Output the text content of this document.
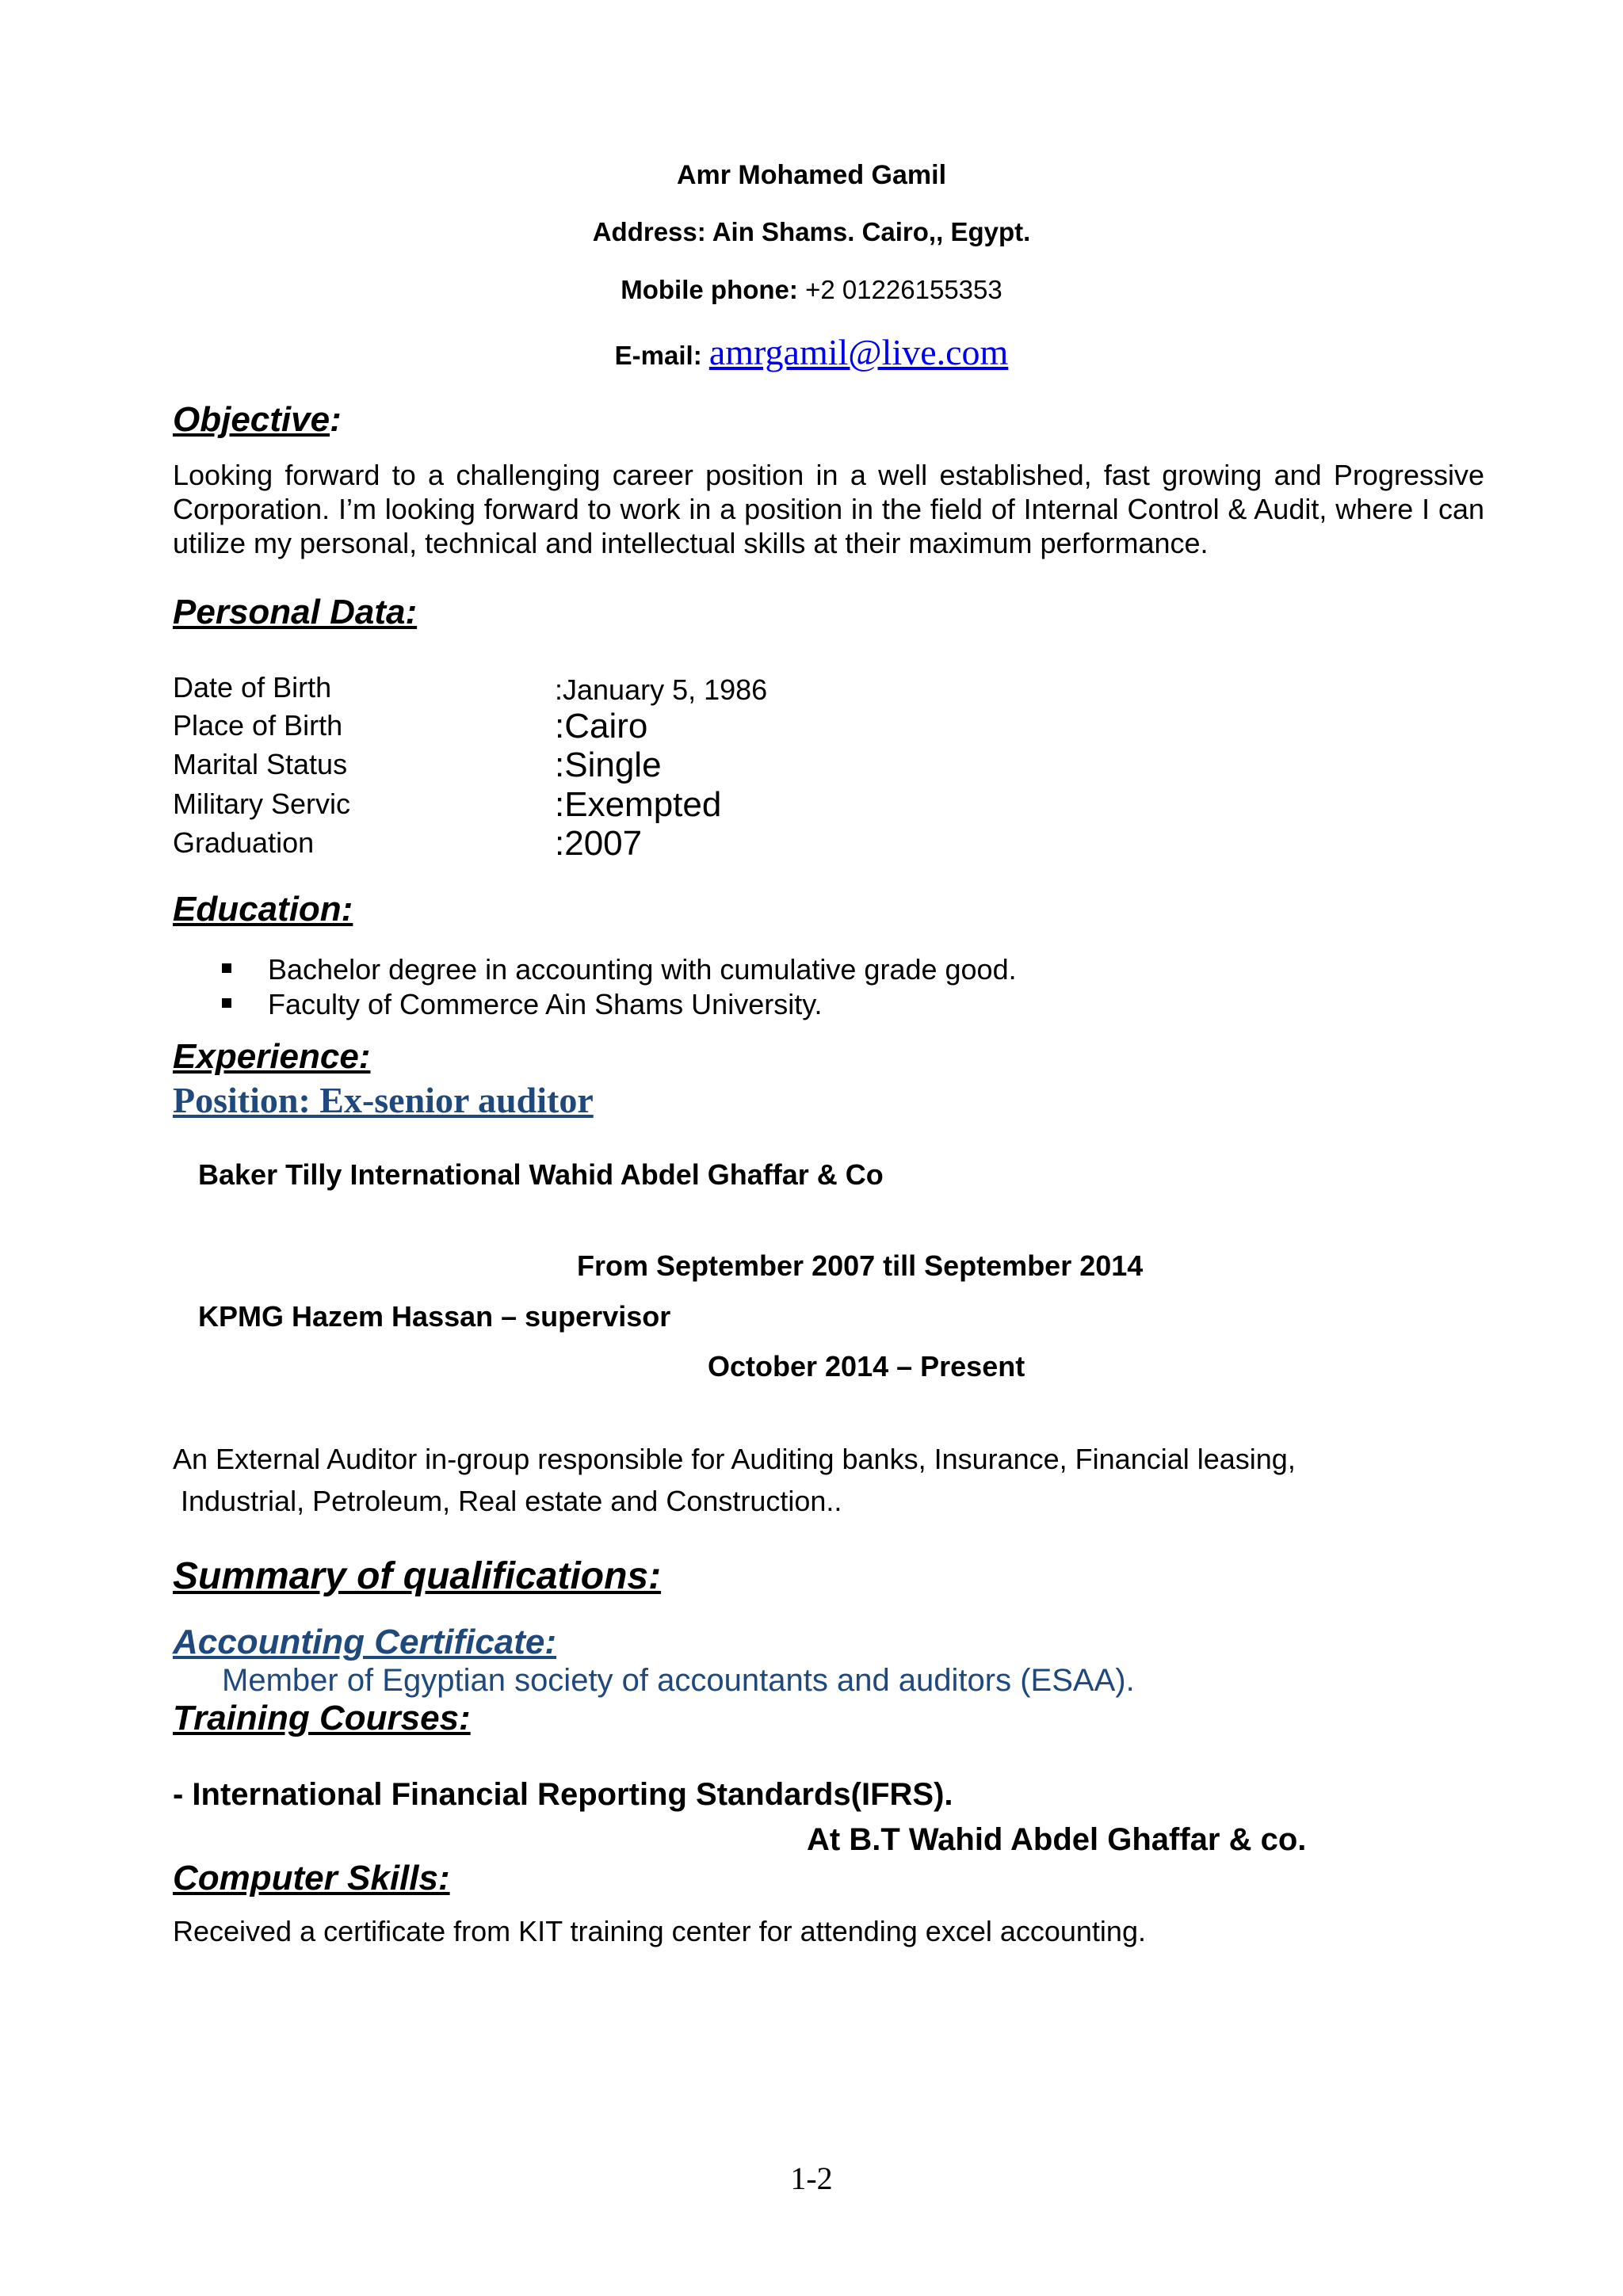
Amr Mohamed Gamil
Address: Ain Shams. Cairo,, Egypt.
Mobile phone: +2 01226155353
E-mail: amrgamil@live.com
Objective:
Looking forward to a challenging career position in a well established, fast growing and Progressive Corporation. I’m looking forward to work in a position in the field of Internal Control & Audit, where I can utilize my personal, technical and intellectual skills at their maximum performance.
Personal Data:
Date of Birth	:January 5, 1986
Place of Birth	:Cairo
Marital Status	:Single
Military Servic	:Exempted
Graduation	:2007
Education:
Bachelor degree in accounting with cumulative grade good.
Faculty of Commerce Ain Shams University.
Experience:
Position: Ex-senior auditor
Baker Tilly International Wahid Abdel Ghaffar & Co
From September 2007 till September 2014
KPMG Hazem Hassan – supervisor
October 2014 – Present
An External Auditor in-group responsible for Auditing banks, Insurance, Financial leasing,
Industrial, Petroleum, Real estate and Construction..
Summary of qualifications:
Accounting Certificate:
Member of Egyptian society of accountants and auditors (ESAA).
Training Courses:
- International Financial Reporting Standards(IFRS).
At B.T Wahid Abdel Ghaffar & co.
Computer Skills:
Received a certificate from KIT training center for attending excel accounting.
1-2
